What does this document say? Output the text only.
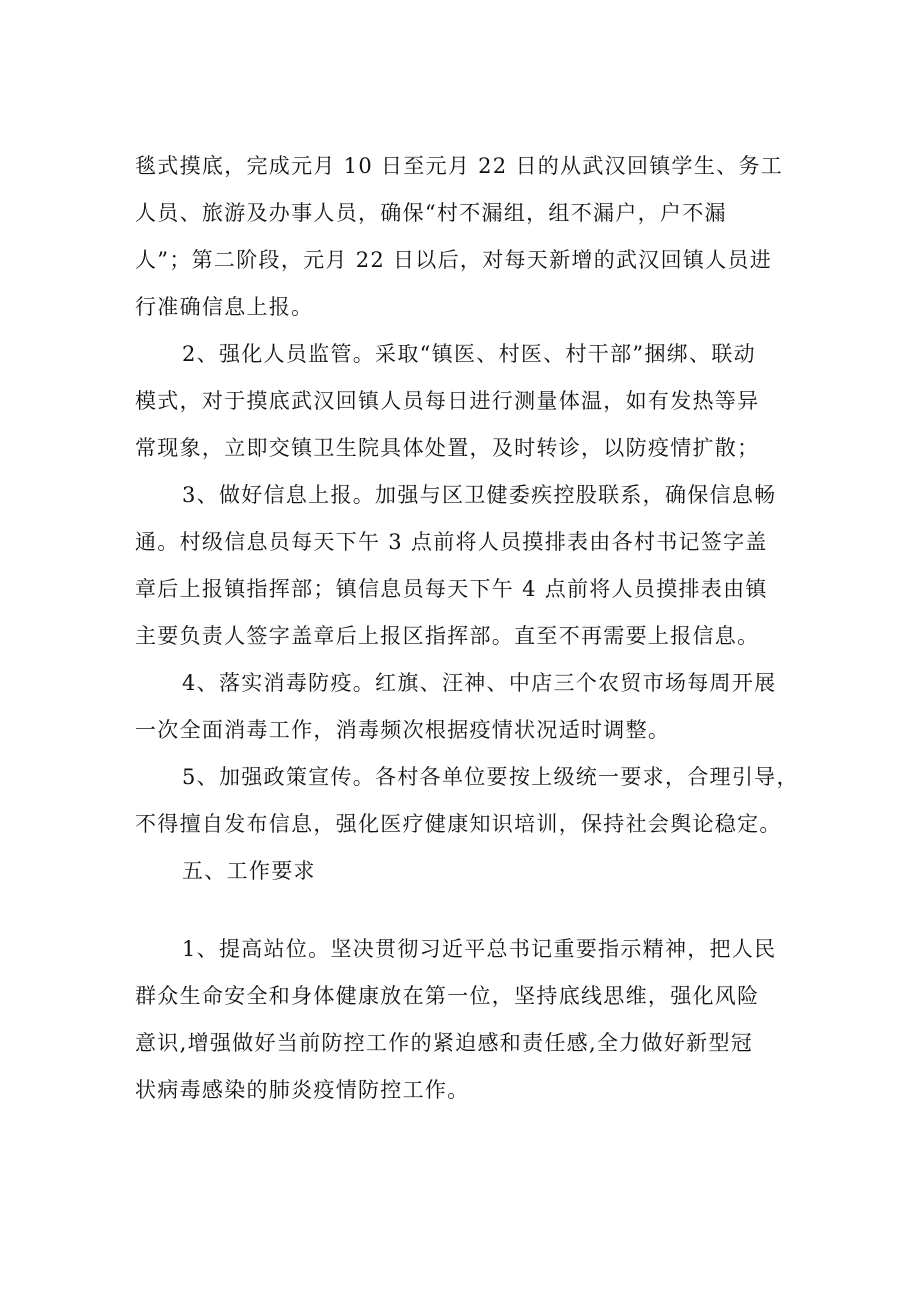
毯式摸底，完成元月 10 日至元月 22 日的从武汉回镇学生、务工
人员、旅游及办事人员，确保“村不漏组，组不漏户，户不漏
人”；第二阶段，元月 22 日以后，对每天新增的武汉回镇人员进
行准确信息上报。
2、强化人员监管。采取“镇医、村医、村干部”捆绑、联动
模式，对于摸底武汉回镇人员每日进行测量体温，如有发热等异
常现象，立即交镇卫生院具体处置，及时转诊，以防疫情扩散；
3、做好信息上报。加强与区卫健委疾控股联系，确保信息畅
通。村级信息员每天下午 3 点前将人员摸排表由各村书记签字盖
章后上报镇指挥部；镇信息员每天下午 4 点前将人员摸排表由镇
主要负责人签字盖章后上报区指挥部。直至不再需要上报信息。
4、落实消毒防疫。红旗、汪神、中店三个农贸市场每周开展
一次全面消毒工作，消毒频次根据疫情状况适时调整。
5、加强政策宣传。各村各单位要按上级统一要求，合理引导，
不得擅自发布信息，强化医疗健康知识培训，保持社会舆论稳定。
五、工作要求
1、提高站位。坚决贯彻习近平总书记重要指示精神，把人民
群众生命安全和身体健康放在第一位，坚持底线思维，强化风险
意识,增强做好当前防控工作的紧迫感和责任感,全力做好新型冠
状病毒感染的肺炎疫情防控工作。
